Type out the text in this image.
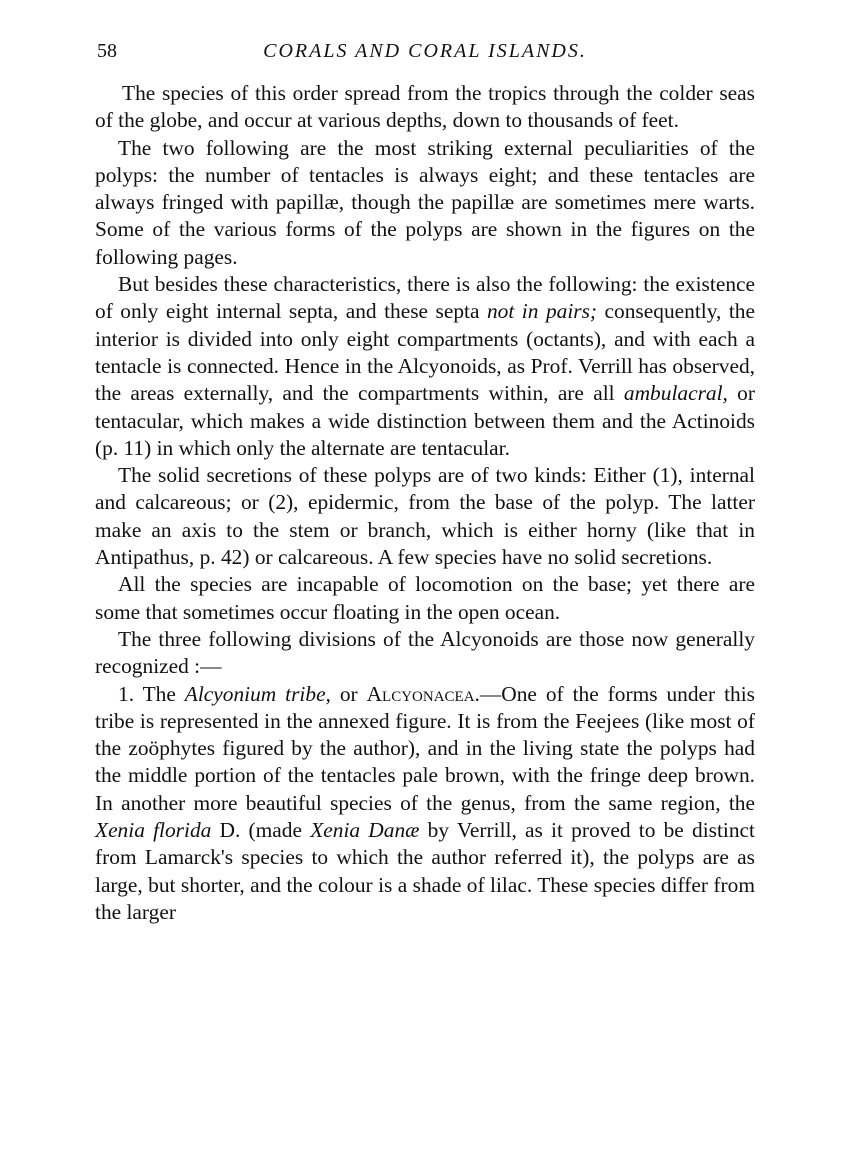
58	CORALS AND CORAL ISLANDS.

The species of this order spread from the tropics through the colder seas of the globe, and occur at various depths, down to thousands of feet.

The two following are the most striking external peculiarities of the polyps: the number of tentacles is always eight; and these tentacles are always fringed with papillæ, though the papillæ are sometimes mere warts. Some of the various forms of the polyps are shown in the figures on the following pages.

But besides these characteristics, there is also the following: the existence of only eight internal septa, and these septa not in pairs; consequently, the interior is divided into only eight compartments (octants), and with each a tentacle is connected. Hence in the Alcyonoids, as Prof. Verrill has observed, the areas externally, and the compartments within, are all ambulacral, or tentacular, which makes a wide distinction between them and the Actinoids (p. 11) in which only the alternate are tentacular.

The solid secretions of these polyps are of two kinds: Either (1), internal and calcareous; or (2), epidermic, from the base of the polyp. The latter make an axis to the stem or branch, which is either horny (like that in Antipathus, p. 42) or calcareous. A few species have no solid secretions.

All the species are incapable of locomotion on the base; yet there are some that sometimes occur floating in the open ocean.

The three following divisions of the Alcyonoids are those now generally recognized :—

1. The Alcyonium tribe, or Alcyonacea.—One of the forms under this tribe is represented in the annexed figure. It is from the Feejees (like most of the zoöphytes figured by the author), and in the living state the polyps had the middle portion of the tentacles pale brown, with the fringe deep brown. In another more beautiful species of the genus, from the same region, the Xenia florida D. (made Xenia Danæ by Verrill, as it proved to be distinct from Lamarck's species to which the author referred it), the polyps are as large, but shorter, and the colour is a shade of lilac. These species differ from the larger
